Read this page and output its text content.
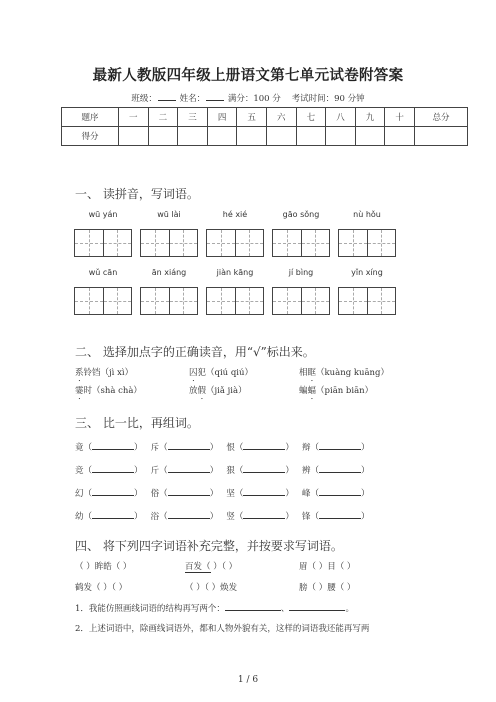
最新人教版四年级上册语文第七单元试卷附答案
班级：	姓名：	满分：100 分 考试时间：90 分钟
题序	一	二	三	四	五	六	七	八	九	十	总分
得分											
一、 读拼音，写词语。
wū yán	wū lài	hé xié	gāo sǒng	nù hǒu
wǔ cān	ān xiáng	jiàn kāng	jí bìng	yǐn xíng
二、 选择加点字的正确读音，用“√”标出来。
系铃铛（jì xì）	囚犯（qiú qiú）	相眶（kuàng kuāng）
霎时（shà chà）	放假（jiǎ jià）	蝙蝠（piān biān）
三、 比一比，再组词。
竟（	） 斥（	） 恨（	） 辩（	）
竞（	） 斤（	） 狠（	） 辨（	）
幻（	） 俗（	） 坚（	） 峰（	）
幼（	） 浴（	） 竖（	） 锋（	）
四、 将下列四字词语补充完整，并按要求写词语。
（ ）眸皓（ ）	百发（ ）（ ）	眉（ ）目（ ）
鹤发（ ）（ ）	（ ）（ ）焕发	膀（ ）腰（ ）
1．我能仿照画线词语的结构再写两个：	、	。
2．上述词语中，除画线词语外，都和人物外貌有关，这样的词语我还能再写两
1 / 6
